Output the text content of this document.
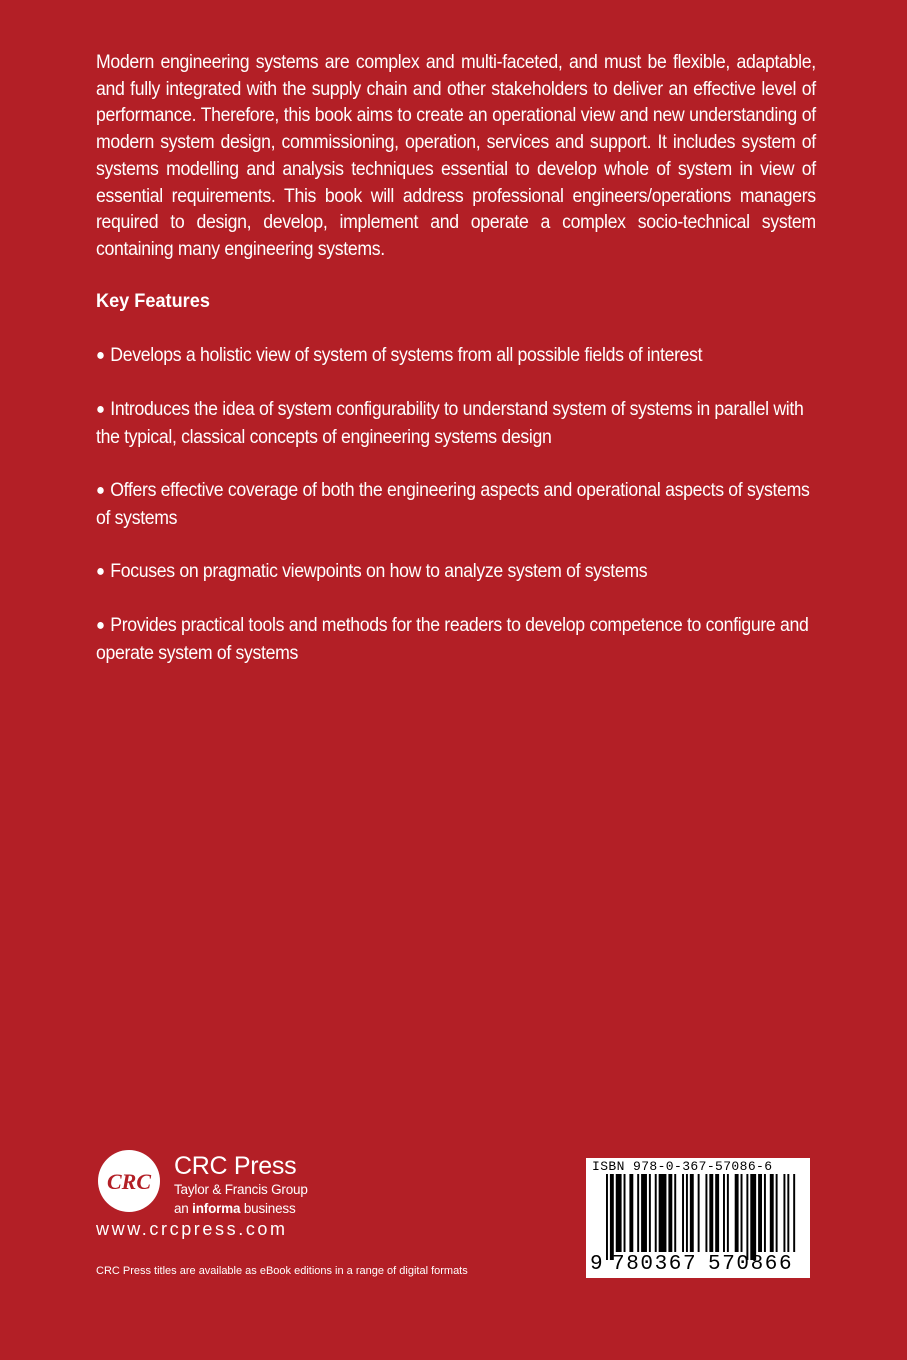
Modern engineering systems are complex and multi-faceted, and must be flexible, adaptable, and fully integrated with the supply chain and other stakeholders to deliver an effective level of performance. Therefore, this book aims to create an operational view and new understanding of modern system design, commissioning, operation, services and support. It includes system of systems modelling and analysis techniques essential to develop whole of system in view of essential requirements. This book will address professional engineers/operations managers required to design, develop, implement and operate a complex socio-technical system containing many engineering systems.
Key Features
● Develops a holistic view of system of systems from all possible fields of interest
● Introduces the idea of system configurability to understand system of systems in parallel with the typical, classical concepts of engineering systems design
● Offers effective coverage of both the engineering aspects and operational aspects of systems of systems
● Focuses on pragmatic viewpoints on how to analyze system of systems
● Provides practical tools and methods for the readers to develop competence to configure and operate system of systems
CRC
CRC Press
Taylor & Francis Group
an informa business
www.crcpress.com
CRC Press titles are available as eBook editions in a range of digital formats
ISBN 978-0-367-57086-6
9 780367 570866
